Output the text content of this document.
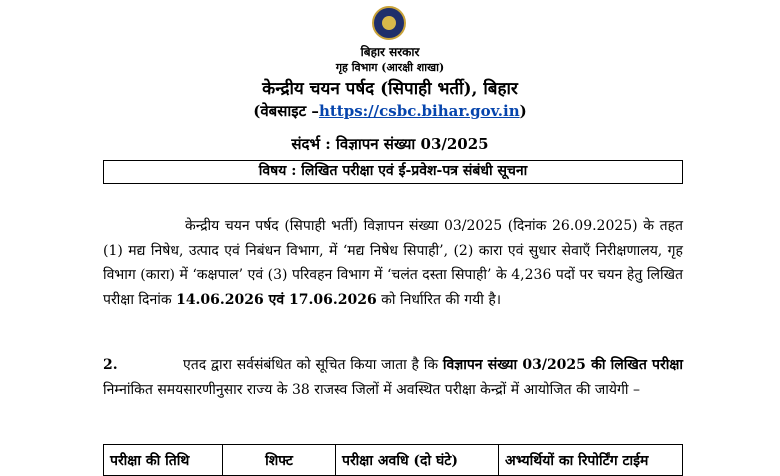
बिहार सरकार
गृह विभाग (आरक्षी शाखा)
केन्द्रीय चयन पर्षद (सिपाही भर्ती), बिहार
(वेबसाइट –https://csbc.bihar.gov.in)
संदर्भ : विज्ञापन संख्या 03/2025
विषय : लिखित परीक्षा एवं ई-प्रवेश-पत्र संबंधी सूचना
केन्द्रीय चयन पर्षद (सिपाही भर्ती) विज्ञापन संख्या 03/2025 (दिनांक 26.09.2025) के तहत (1) मद्य निषेध, उत्पाद एवं निबंधन विभाग, में ‘मद्य निषेध सिपाही’, (2) कारा एवं सुधार सेवाएँ निरीक्षणालय, गृह विभाग (कारा) में ‘कक्षपाल’ एवं (3) परिवहन विभाग में ‘चलंत दस्ता सिपाही’ के 4,236 पदों पर चयन हेतु लिखित परीक्षा दिनांक 14.06.2026 एवं 17.06.2026 को निर्धारित की गयी है।
2.	एतद द्वारा सर्वसंबंधित को सूचित किया जाता है कि विज्ञापन संख्या 03/2025 की लिखित परीक्षा निम्नांकित समयसारणीनुसार राज्य के 38 राजस्व जिलों में अवस्थित परीक्षा केन्द्रों में आयोजित की जायेगी –
परीक्षा की तिथि	शिफ्ट	परीक्षा अवधि (दो घंटे)	अभ्यर्थियों का रिपोर्टिंग टाईम
